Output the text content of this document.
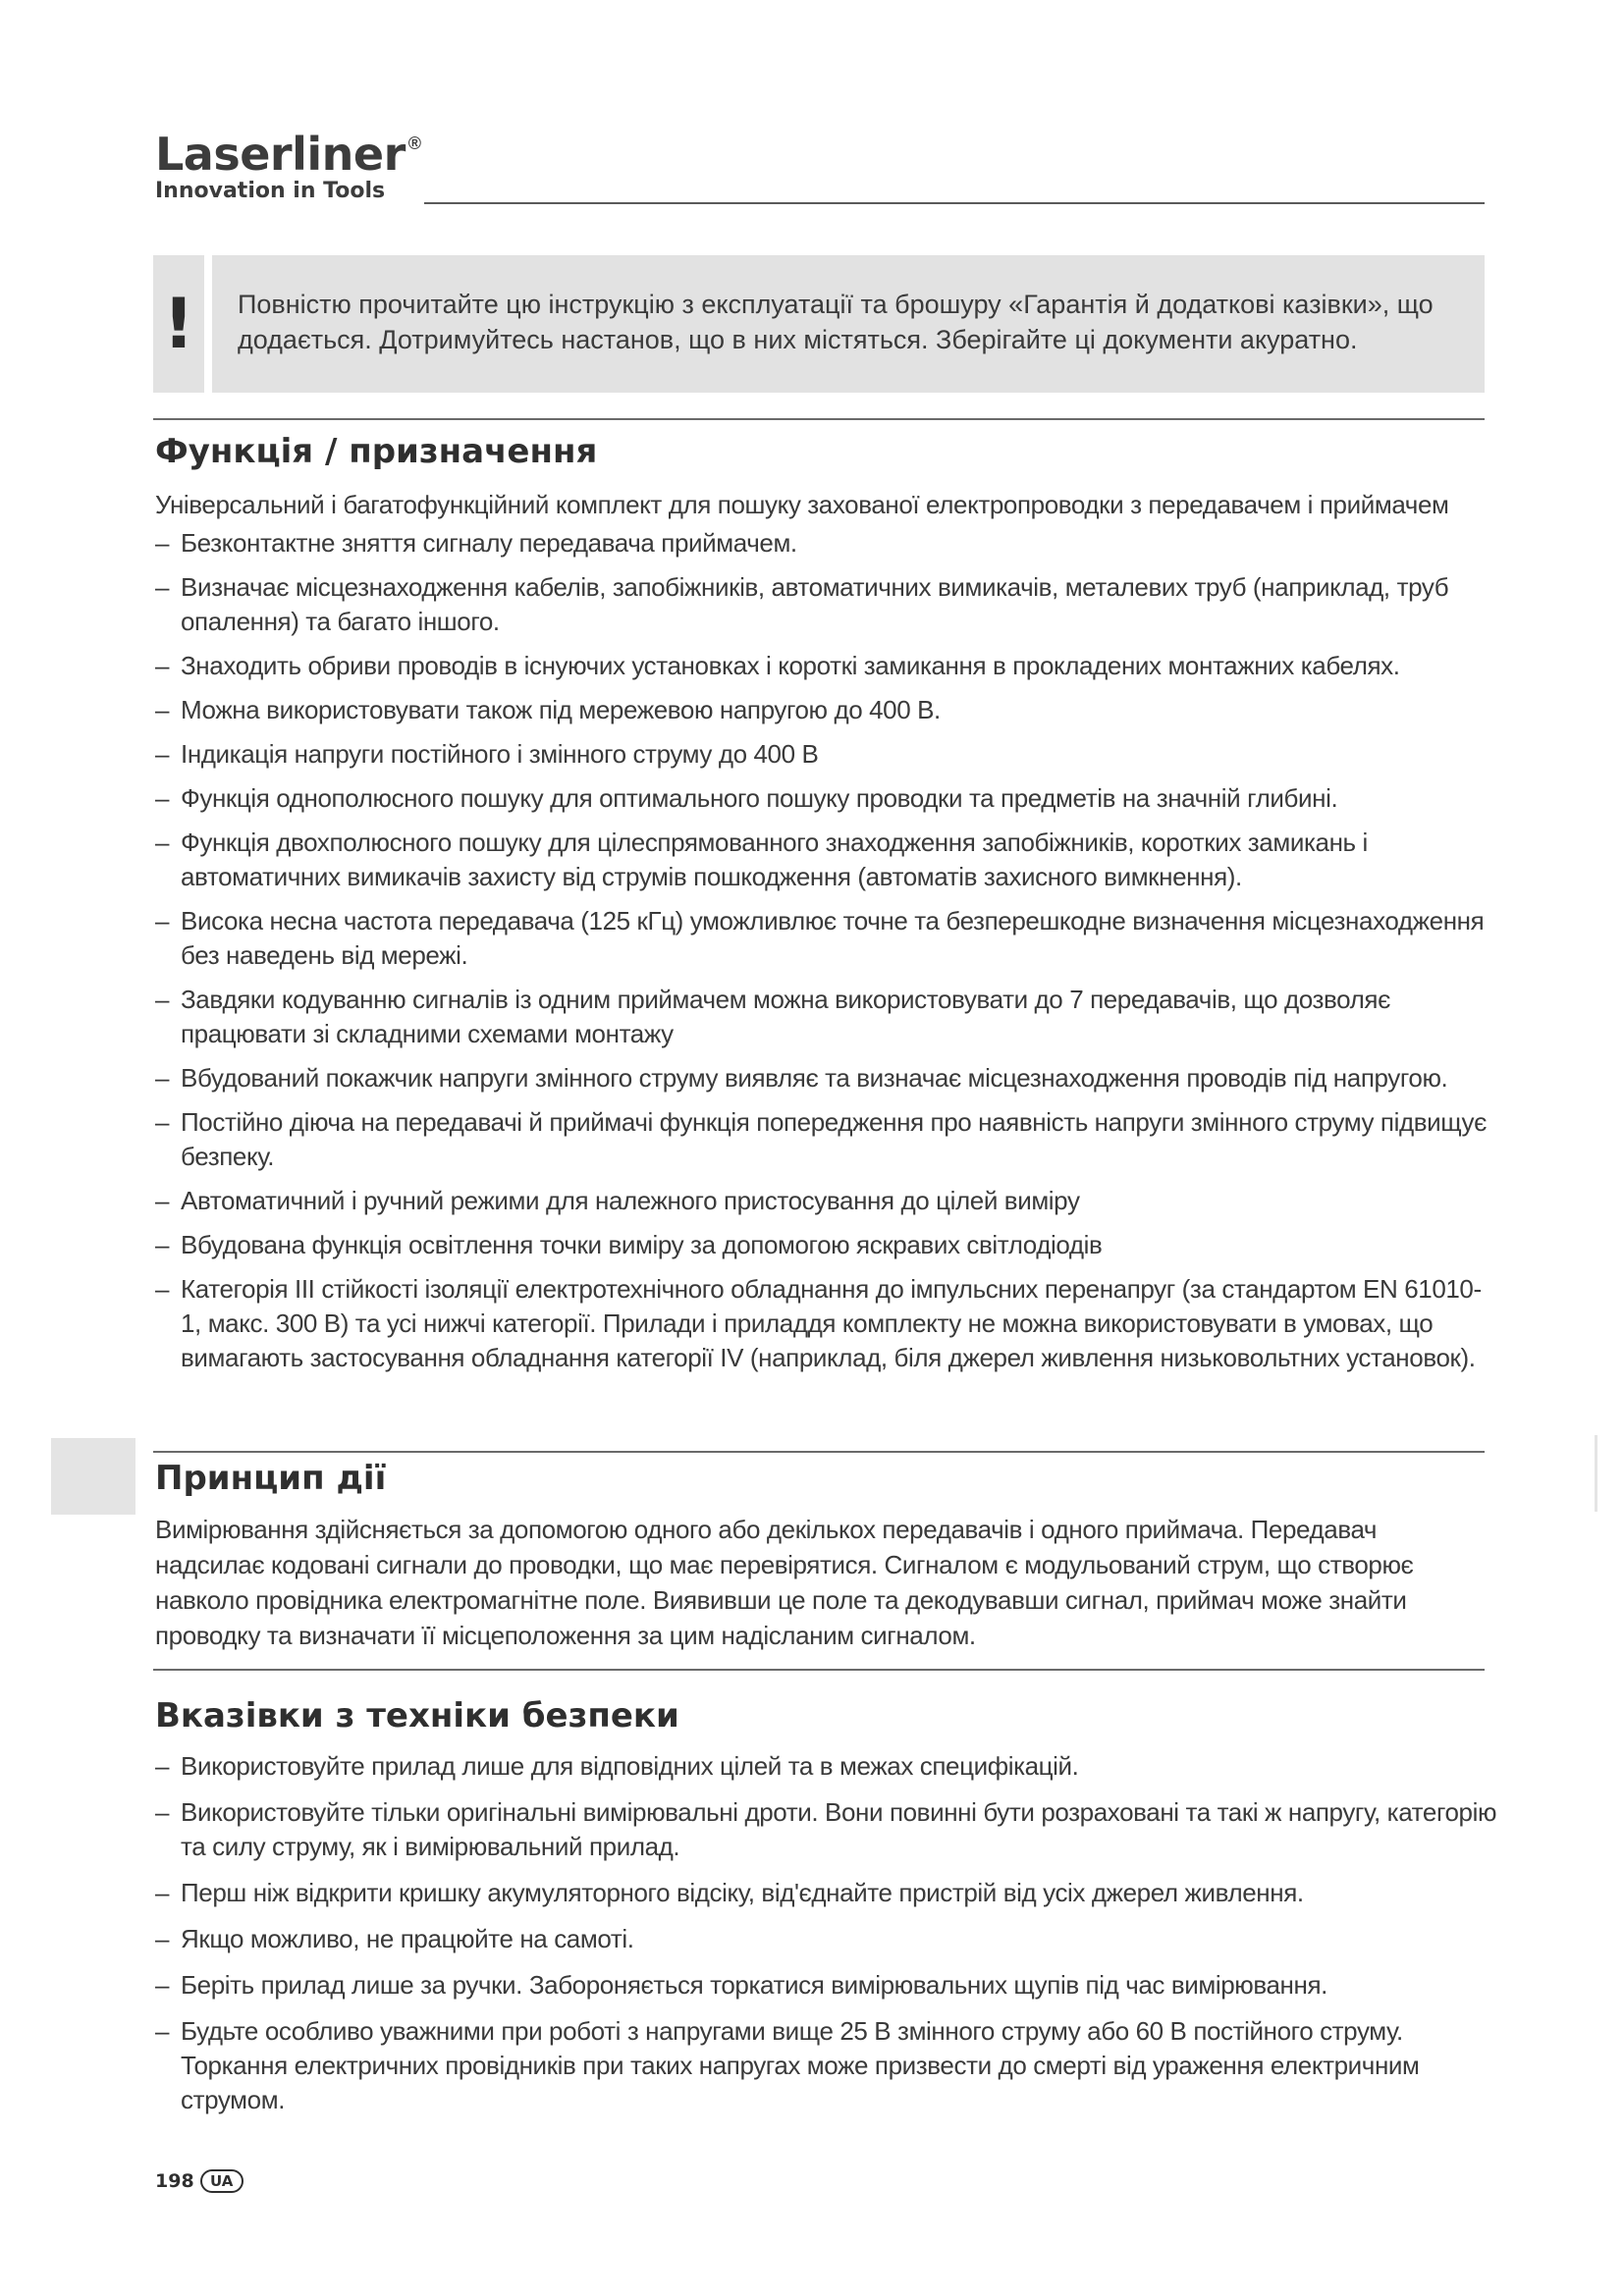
Laserliner ®
Innovation in Tools
!	Повністю прочитайте цю інструкцію з експлуатації та брошуру «Гарантія й додаткові казівки», що додається. Дотримуйтесь настанов, що в них містяться. Зберігайте ці документи акуратно.
Функція / призначення

Універсальний і багатофункційний комплект для пошуку захованої електропроводки з передавачем і приймачем

– Безконтактне зняття сигналу передавача приймачем.
– Визначає місцезнаходження кабелів, запобіжників, автоматичних вимикачів, металевих труб (наприклад, труб опалення) та багато іншого.
– Знаходить обриви проводів в існуючих установках і короткі замикання в прокладених монтажних кабелях.
– Можна використовувати також під мережевою напругою до 400 В.
– Індикація напруги постійного і змінного струму до 400 В
– Функція однополюсного пошуку для оптимального пошуку проводки та предметів на значній глибині.
– Функція двохполюсного пошуку для цілеспрямованного знаходження запобіжників, коротких замикань і автоматичних вимикачів захисту від струмів пошкодження (автоматів захисного вимкнення).
– Висока несна частота передавача (125 кГц) уможливлює точне та безперешкодне визначення місцезнаходження без наведень від мережі.
– Завдяки кодуванню сигналів із одним приймачем можна використовувати до 7 передавачів, що дозволяє працювати зі складними схемами монтажу
– Вбудований покажчик напруги змінного струму виявляє та визначає місцезнаходження проводів під напругою.
– Постійно діюча на передавачі й приймачі функція попередження про наявність напруги змінного струму підвищує безпеку.
– Автоматичний і ручний режими для належного пристосування до цілей виміру
– Вбудована функція освітлення точки виміру за допомогою яскравих світлодіодів
– Категорія III стійкості ізоляції електротехнічного обладнання до імпульсних перенапруг (за стандартом EN 61010-1, макс. 300 В) та усі нижчі категорії. Прилади і приладдя комплекту не можна використовувати в умовах, що вимагають застосування обладнання категорії IV (наприклад, біля джерел живлення низьковольтних установок).
Принцип дії

Вимірювання здійсняється за допомогою одного або декількох передавачів і одного приймача. Передавач надсилає кодовані сигнали до проводки, що має перевірятися. Сигналом є модульований струм, що створює навколо провідника електромагнітне поле. Виявивши це поле та декодувавши сигнал, приймач може знайти проводку та визначати її місцеположення за цим надісланим сигналом.

Вказівки з техніки безпеки
– Використовуйте прилад лише для відповідних цілей та в межах специфікацій.
– Використовуйте тільки оригінальні вимірювальні дроти. Вони повинні бути розраховані та такі ж напругу, категорію та силу струму, як і вимірювальний прилад.
– Перш ніж відкрити кришку акумуляторного відсіку, від'єднайте пристрій від усіх джерел живлення.
– Якщо можливо, не працюйте на самоті.
– Беріть прилад лише за ручки. Забороняється торкатися вимірювальних щупів під час вимірювання.
– Будьте особливо уважними при роботі з напругами вище 25 В змінного струму або 60 В постійного струму. Торкання електричних провідників при таких напругах може призвести до смерті від ураження електричним струмом.
198	UA
